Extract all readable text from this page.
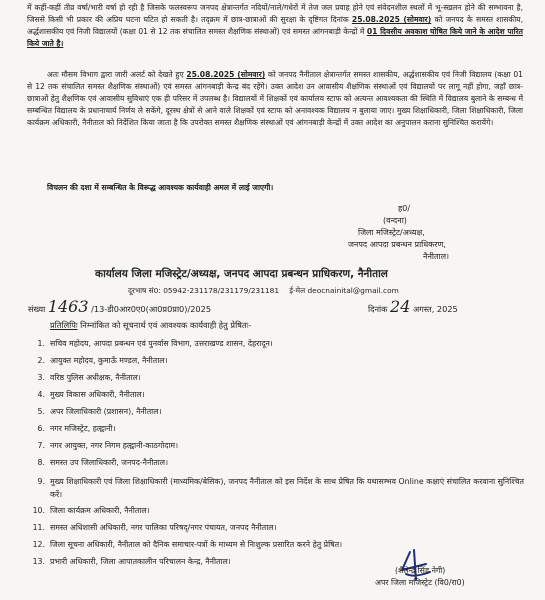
में कहीं-कहीं तीव्र वर्षा/भारी वर्षा हो रही है जिसके फलस्वरूप जनपद क्षेत्रान्तर्गत नदियों/नाले/गधेरों में तेज जल प्रवाह होने एवं संवेदनशील स्थलों में भू-स्खलन होने की सम्भावना है, जिससे किसी भी प्रकार की अप्रिय घटना घटित हो सकती है। तद्क्रम में छात्र-छात्राओं की सुरक्षा के दृष्टिगत दिनांक 25.08.2025 (सोमवार) को जनपद के समस्त शासकीय, अर्द्धशासकीय एवं निजी विद्यालयों (कक्षा 01 से 12 तक संचालित समस्त शैक्षणिक संस्थाओं) एवं समस्त आंगनबाड़ी केन्द्रों में 01 दिवसीय अवकाश घोषित किये जाने के आदेश पारित किये जाते है।

अतः मौसम विभाग द्वारा जारी अलर्ट को देखते हुए 25.08.2025 (सोमवार) को जनपद नैनीताल क्षेत्रान्तर्गत समस्त शासकीय, अर्द्धशासकीय एवं निजी विद्यालय (कक्षा 01 से 12 तक संचालित समस्त शैक्षणिक संस्थाओं) एवं समस्त आंगनबाड़ी केन्द्र बंद रहेंगे। उक्त आदेश उन आवासीय शैक्षणिक संस्थाओं एवं विद्यालयों पर लागू नहीं होगा, जहाँ छात्र-छात्राओं हेतु शैक्षणिक एवं आवासीय सुविधाएं एक ही परिसर में उपलब्ध है। विद्यालयों में शिक्षकों एवं कार्यालय स्टाफ को अत्यन्त आवश्यकता की स्थिति में विद्यालय बुलाने के सम्बन्ध में सम्बन्धित विद्यालय के प्रधानाचार्य निर्णय ले सकेंगे, दूरस्थ क्षेत्रों से आने वाले शिक्षकों एवं स्टाफ को अनावश्यक विद्यालय न बुलाया जाए। मुख्य शिक्षाधिकारी, जिला शिक्षाधिकारी, जिला कार्यक्रम अधिकारी, नैनीताल को निर्देशित किया जाता है कि उपरोक्त समस्त शैक्षणिक संस्थाओं एवं आंगनबाड़ी केन्द्रों में उक्त आदेश का अनुपालन कराना सुनिश्चित करायेंगे।

विचलन की दशा में सम्बन्धित के विरूद्ध आवश्यक कार्यवाही अमल में लाई जाएगी।

ह0/
(वन्दना)
जिला मजिस्ट्रेट/अध्यक्ष,
जनपद आपदा प्रबन्धन प्राधिकरण,
नैनीताल।
कार्यालय जिला मजिस्ट्रेट/अध्यक्ष, जनपद आपदा प्रबन्धन प्राधिकरण, नैनीताल
दूरभाष सं0: 05942-231178/231179/231181 ई-मेल deocnainital@gmail.com
संख्या 1463 /13-डी0आर0ए0(आ0प्र0प्रा0)/2025	दिनांक 24 अगस्त, 2025
प्रतिलिपिः निम्नांकित को सूचनार्थ एवं आवश्यक कार्यवाही हेतु प्रेषितः-
1. सचिव महोदय, आपदा प्रबन्धन एवं पुनर्वास विभाग, उत्तराखण्ड शासन, देहरादून।
2. आयुक्त महोदय, कुमाऊँ मण्डल, नैनीताल।
3. वरिष्ठ पुलिस अधीक्षक, नैनीताल।
4. मुख्य विकास अधिकारी, नैनीताल।
5. अपर जिलाधिकारी (प्रशासन), नैनीताल।
6. नगर मजिस्ट्रेट, हल्द्वानी।
7. नगर आयुक्त, नगर निगम हल्द्वानी-काठगोदाम।
8. समस्त उप जिलाधिकारी, जनपद-नैनीताल।
9. मुख्य शिक्षाधिकारी एवं जिला शिक्षाधिकारी (माध्यमिक/बेसिक), जनपद नैनीताल को इस निर्देश के साथ प्रेषित कि यथासम्भव Online कक्षाएं संचालित करवाना सुनिश्चित करें।
10. जिला कार्यक्रम अधिकारी, नैनीताल।
11. समस्त अधिशासी अधिकारी, नगर पालिका परिषद्/नगर पंचायत, जनपद नैनीताल।
12. जिला सूचना अधिकारी, नैनीताल को दैनिक समाचार-पत्रों के माध्यम से निःशुल्क प्रसारित करने हेतु प्रेषित।
13. प्रभारी अधिकारी, जिला आपातकालीन परिचालन केन्द्र, नैनीताल।
(शैलेन्द्र सिंह नेगी)
अपर जिला मजिस्ट्रेट (वि0/रा0)
